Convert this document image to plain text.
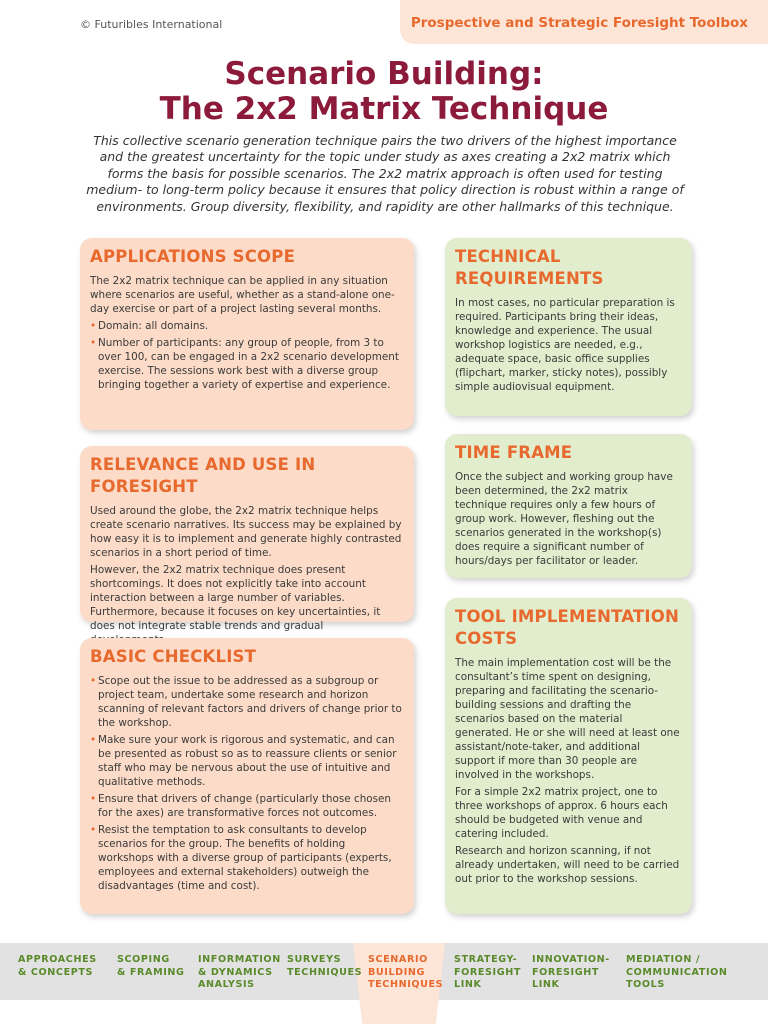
© Futuribles International	Prospective and Strategic Foresight Toolbox
Scenario Building:
The 2x2 Matrix Technique
This collective scenario generation technique pairs the two drivers of the highest importance and the greatest uncertainty for the topic under study as axes creating a 2x2 matrix which forms the basis for possible scenarios. The 2x2 matrix approach is often used for testing medium- to long-term policy because it ensures that policy direction is robust within a range of environments. Group diversity, flexibility, and rapidity are other hallmarks of this technique.
APPLICATIONS SCOPE

The 2x2 matrix technique can be applied in any situation where scenarios are useful, whether as a stand-alone one-day exercise or part of a project lasting several months.

• Domain: all domains.
• Number of participants: any group of people, from 3 to over 100, can be engaged in a 2x2 scenario development exercise. The sessions work best with a diverse group bringing together a variety of expertise and experience.
RELEVANCE AND USE IN FORESIGHT

Used around the globe, the 2x2 matrix technique helps create scenario narratives. Its success may be explained by how easy it is to implement and generate highly contrasted scenarios in a short period of time.

However, the 2x2 matrix technique does present shortcomings. It does not explicitly take into account interaction between a large number of variables. Furthermore, because it focuses on key uncertainties, it does not integrate stable trends and gradual

BASIC CHECKLIST
• Scope out the issue to be addressed as a subgroup or project team, undertake some research and horizon scanning of relevant factors and drivers of change prior to the workshop.
• Make sure your work is rigorous and systematic, and can be presented as robust so as to reassure clients or senior staff who may be nervous about the use of intuitive and qualitative methods.
• Ensure that drivers of change (particularly those chosen for the axes) are transformative forces not outcomes.
• Resist the temptation to ask consultants to develop scenarios for the group. The benefits of holding workshops with a diverse group of participants (experts, employees and external stakeholders) outweigh the disadvantages (time and cost).
TECHNICAL REQUIREMENTS

In most cases, no particular preparation is required. Participants bring their ideas, knowledge and experience. The usual workshop logistics are needed, e.g., adequate space, basic office supplies (flipchart, marker, sticky notes), possibly simple audiovisual equipment.

TIME FRAME

Once the subject and working group have been determined, the 2x2 matrix technique requires only a few hours of group work. However, fleshing out the scenarios generated in the workshop(s) does require a significant number of hours/days per facilitator or leader.

TOOL IMPLEMENTATION COSTS

The main implementation cost will be the consultant’s time spent on designing, preparing and facilitating the scenario-building sessions and drafting the scenarios based on the material generated. He or she will need at least one assistant/note-taker, and additional support if more than 30 people are involved in the workshops.

For a simple 2x2 matrix project, one to three workshops of approx. 6 hours each should be budgeted with venue and catering included.

Research and horizon scanning, if not already undertaken, will need to be carried out prior to the workshop sessions.

APPROACHES
& CONCEPTS
SCOPING
& FRAMING
INFORMATION
& DYNAMICS
ANALYSIS
SURVEYS
TECHNIQUES
SCENARIO
BUILDING
TECHNIQUES
STRATEGY-
FORESIGHT
LINK
INNOVATION-
FORESIGHT
LINK
MEDIATION /
COMMUNICATION
TOOLS
